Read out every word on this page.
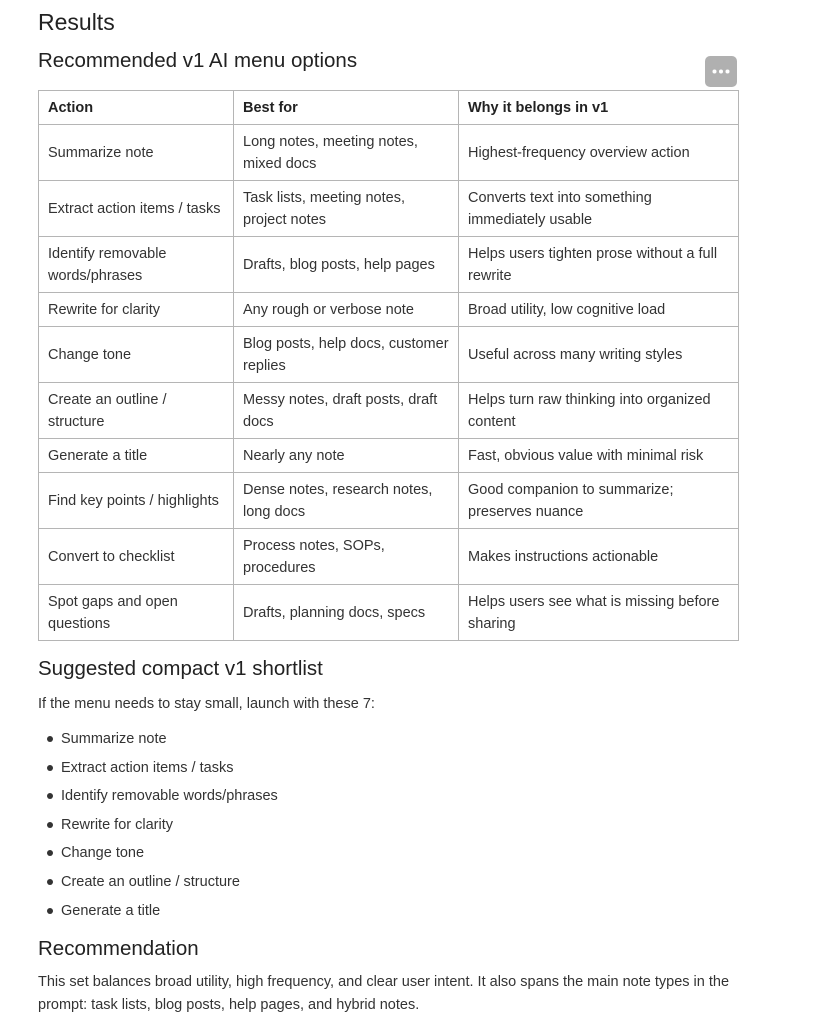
Results
Recommended v1 AI menu options
Action	Best for	Why it belongs in v1
Summarize note	Long notes, meeting notes, mixed docs	Highest-frequency overview action
Extract action items / tasks	Task lists, meeting notes, project notes	Converts text into something immediately usable
Identify removable words/phrases	Drafts, blog posts, help pages	Helps users tighten prose without a full rewrite
Rewrite for clarity	Any rough or verbose note	Broad utility, low cognitive load
Change tone	Blog posts, help docs, customer replies	Useful across many writing styles
Create an outline / structure	Messy notes, draft posts, draft docs	Helps turn raw thinking into organized content
Generate a title	Nearly any note	Fast, obvious value with minimal risk
Find key points / highlights	Dense notes, research notes, long docs	Good companion to summarize; preserves nuance
Convert to checklist	Process notes, SOPs, procedures	Makes instructions actionable
Spot gaps and open questions	Drafts, planning docs, specs	Helps users see what is missing before sharing
Suggested compact v1 shortlist

If the menu needs to stay small, launch with these 7:

Summarize note
Extract action items / tasks
Identify removable words/phrases
Rewrite for clarity
Change tone
Create an outline / structure
Generate a title
Recommendation

This set balances broad utility, high frequency, and clear user intent. It also spans the main note types in the prompt: task lists, blog posts, help pages, and hybrid notes.
